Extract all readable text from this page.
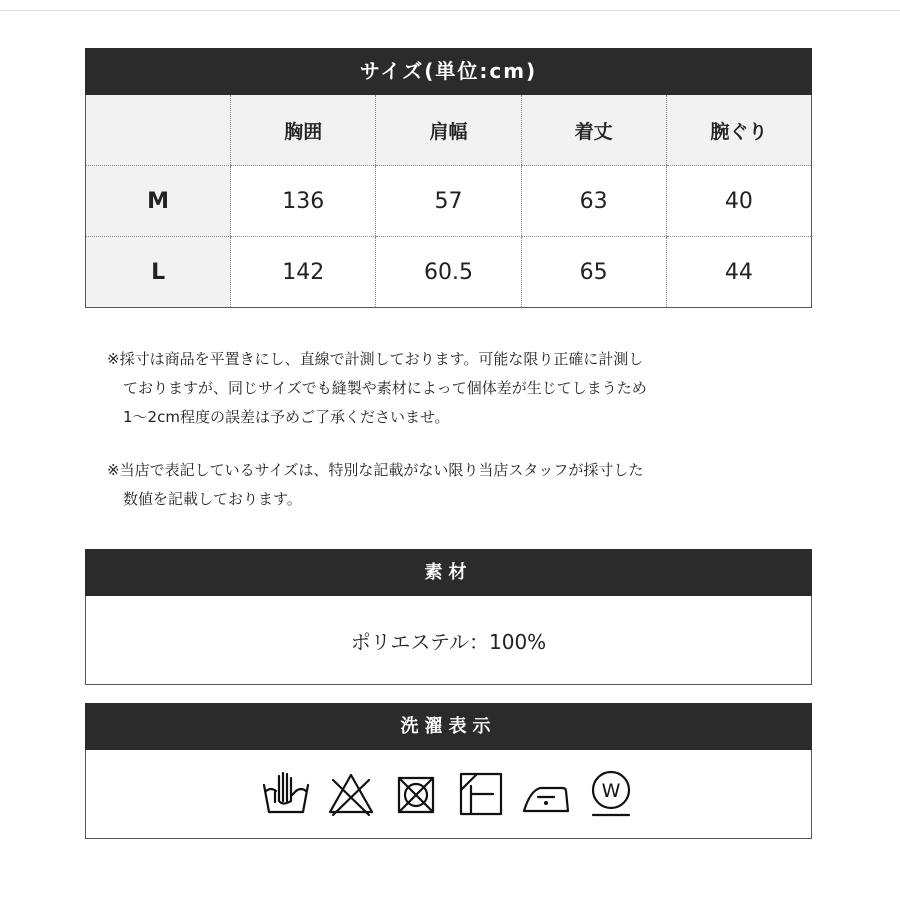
サイズ(単位:cm)
	胸囲	肩幅	着丈	腕ぐり
M	136	57	63	40
L	142	60.5	65	44

※採寸は商品を平置きにし、直線で計測しております。可能な限り正確に計測し

ておりますが、同じサイズでも縫製や素材によって個体差が生じてしまうため

1～2cm程度の誤差は予めご了承くださいませ。

※当店で表記しているサイズは、特別な記載がない限り当店スタッフが採寸した

数値を記載しております。

素材
ポリエステル：100%
洗濯表示
W
